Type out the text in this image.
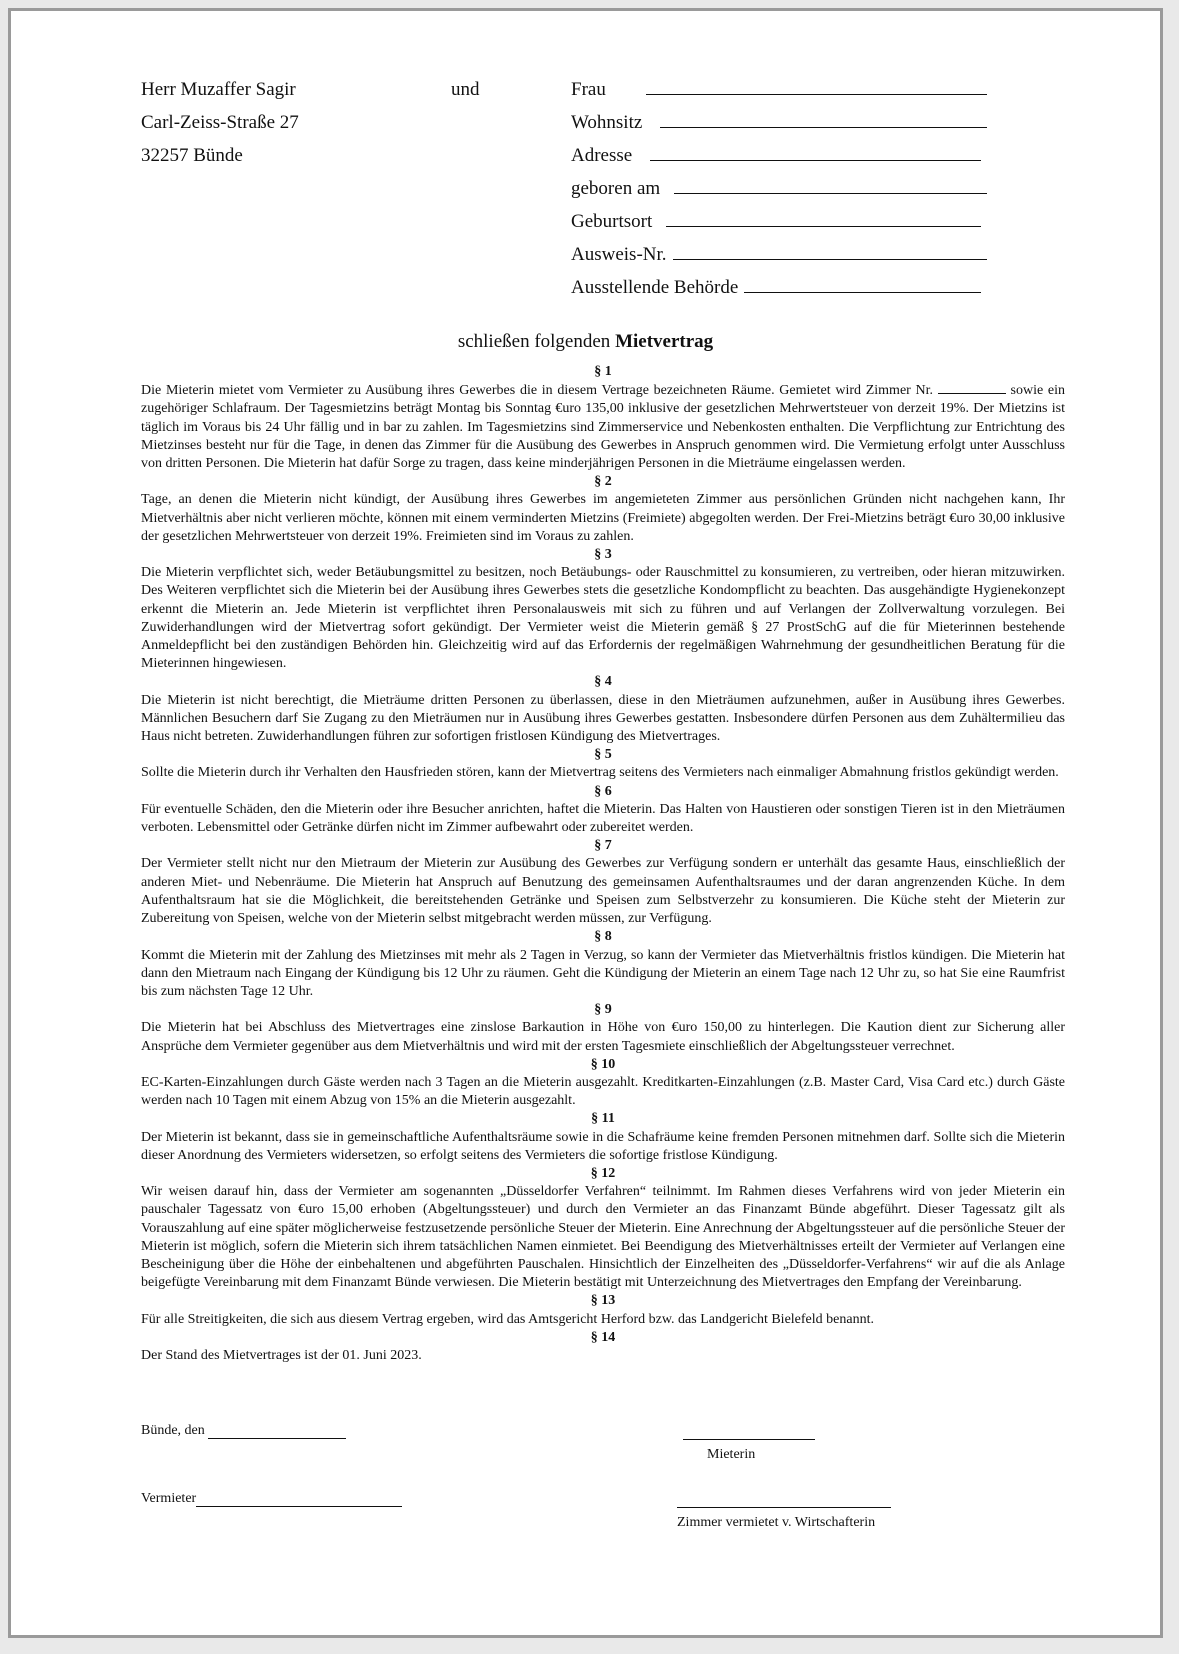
Herr Muzaffer Sagir
Carl-Zeiss-Straße 27
32257 Bünde
und	Frau
Wohnsitz
Adresse
geboren am
Geburtsort
Ausweis-Nr.
Ausstellende Behörde
schließen folgenden Mietvertrag
§ 1

Die Mieterin mietet vom Vermieter zu Ausübung ihres Gewerbes die in diesem Vertrage bezeichneten Räume. Gemietet wird Zimmer Nr.	sowie ein zugehöriger Schlafraum. Der Tagesmietzins beträgt Montag bis Sonntag €uro 135,00 inklusive der gesetzlichen Mehrwertsteuer von derzeit 19%. Der Mietzins ist täglich im Voraus bis 24 Uhr fällig und in bar zu zahlen. Im Tagesmietzins sind Zimmerservice und Nebenkosten enthalten. Die Verpflichtung zur Entrichtung des Mietzinses besteht nur für die Tage, in denen das Zimmer für die Ausübung des Gewerbes in Anspruch genommen wird. Die Vermietung erfolgt unter Ausschluss von dritten Personen. Die Mieterin hat dafür Sorge zu tragen, dass keine minderjährigen Personen in die Mieträume eingelassen werden.

§ 2

Tage, an denen die Mieterin nicht kündigt, der Ausübung ihres Gewerbes im angemieteten Zimmer aus persönlichen Gründen nicht nachgehen kann, Ihr Mietverhältnis aber nicht verlieren möchte, können mit einem verminderten Mietzins (Freimiete) abgegolten werden. Der Frei-Mietzins beträgt €uro 30,00 inklusive der gesetzlichen Mehrwertsteuer von derzeit 19%. Freimieten sind im Voraus zu zahlen.

§ 3

Die Mieterin verpflichtet sich, weder Betäubungsmittel zu besitzen, noch Betäubungs- oder Rauschmittel zu konsumieren, zu vertreiben, oder hieran mitzuwirken. Des Weiteren verpflichtet sich die Mieterin bei der Ausübung ihres Gewerbes stets die gesetzliche Kondompflicht zu beachten. Das ausgehändigte Hygienekonzept erkennt die Mieterin an. Jede Mieterin ist verpflichtet ihren Personalausweis mit sich zu führen und auf Verlangen der Zollverwaltung vorzulegen. Bei Zuwiderhandlungen wird der Mietvertrag sofort gekündigt. Der Vermieter weist die Mieterin gemäß § 27 ProstSchG auf die für Mieterinnen bestehende Anmeldepflicht bei den zuständigen Behörden hin. Gleichzeitig wird auf das Erfordernis der regelmäßigen Wahrnehmung der gesundheitlichen Beratung für die Mieterinnen hingewiesen.

§ 4

Die Mieterin ist nicht berechtigt, die Mieträume dritten Personen zu überlassen, diese in den Mieträumen aufzunehmen, außer in Ausübung ihres Gewerbes. Männlichen Besuchern darf Sie Zugang zu den Mieträumen nur in Ausübung ihres Gewerbes gestatten. Insbesondere dürfen Personen aus dem Zuhältermilieu das Haus nicht betreten. Zuwiderhandlungen führen zur sofortigen fristlosen Kündigung des Mietvertrages.

§ 5

Sollte die Mieterin durch ihr Verhalten den Hausfrieden stören, kann der Mietvertrag seitens des Vermieters nach einmaliger Abmahnung fristlos gekündigt werden.

§ 6

Für eventuelle Schäden, den die Mieterin oder ihre Besucher anrichten, haftet die Mieterin. Das Halten von Haustieren oder sonstigen Tieren ist in den Mieträumen verboten. Lebensmittel oder Getränke dürfen nicht im Zimmer aufbewahrt oder zubereitet werden.

§ 7

Der Vermieter stellt nicht nur den Mietraum der Mieterin zur Ausübung des Gewerbes zur Verfügung sondern er unterhält das gesamte Haus, einschließlich der anderen Miet- und Nebenräume. Die Mieterin hat Anspruch auf Benutzung des gemeinsamen Aufenthaltsraumes und der daran angrenzenden Küche. In dem Aufenthaltsraum hat sie die Möglichkeit, die bereitstehenden Getränke und Speisen zum Selbstverzehr zu konsumieren. Die Küche steht der Mieterin zur Zubereitung von Speisen, welche von der Mieterin selbst mitgebracht werden müssen, zur Verfügung.

§ 8

Kommt die Mieterin mit der Zahlung des Mietzinses mit mehr als 2 Tagen in Verzug, so kann der Vermieter das Mietverhältnis fristlos kündigen. Die Mieterin hat dann den Mietraum nach Eingang der Kündigung bis 12 Uhr zu räumen. Geht die Kündigung der Mieterin an einem Tage nach 12 Uhr zu, so hat Sie eine Raumfrist bis zum nächsten Tage 12 Uhr.

§ 9

Die Mieterin hat bei Abschluss des Mietvertrages eine zinslose Barkaution in Höhe von €uro 150,00 zu hinterlegen. Die Kaution dient zur Sicherung aller Ansprüche dem Vermieter gegenüber aus dem Mietverhältnis und wird mit der ersten Tagesmiete einschließlich der Abgeltungssteuer verrechnet.

§ 10

EC-Karten-Einzahlungen durch Gäste werden nach 3 Tagen an die Mieterin ausgezahlt. Kreditkarten-Einzahlungen (z.B. Master Card, Visa Card etc.) durch Gäste werden nach 10 Tagen mit einem Abzug von 15% an die Mieterin ausgezahlt.

§ 11

Der Mieterin ist bekannt, dass sie in gemeinschaftliche Aufenthaltsräume sowie in die Schafräume keine fremden Personen mitnehmen darf. Sollte sich die Mieterin dieser Anordnung des Vermieters widersetzen, so erfolgt seitens des Vermieters die sofortige fristlose Kündigung.

§ 12

Wir weisen darauf hin, dass der Vermieter am sogenannten „Düsseldorfer Verfahren“ teilnimmt. Im Rahmen dieses Verfahrens wird von jeder Mieterin ein pauschaler Tagessatz von €uro 15,00 erhoben (Abgeltungssteuer) und durch den Vermieter an das Finanzamt Bünde abgeführt. Dieser Tagessatz gilt als Vorauszahlung auf eine später möglicherweise festzusetzende persönliche Steuer der Mieterin. Eine Anrechnung der Abgeltungssteuer auf die persönliche Steuer der Mieterin ist möglich, sofern die Mieterin sich ihrem tatsächlichen Namen einmietet. Bei Beendigung des Mietverhältnisses erteilt der Vermieter auf Verlangen eine Bescheinigung über die Höhe der einbehaltenen und abgeführten Pauschalen. Hinsichtlich der Einzelheiten des „Düsseldorfer-Verfahrens“ wir auf die als Anlage beigefügte Vereinbarung mit dem Finanzamt Bünde verwiesen. Die Mieterin bestätigt mit Unterzeichnung des Mietvertrages den Empfang der Vereinbarung.

§ 13

Für alle Streitigkeiten, die sich aus diesem Vertrag ergeben, wird das Amtsgericht Herford bzw. das Landgericht Bielefeld benannt.

§ 14

Der Stand des Mietvertrages ist der 01. Juni 2023.

Bünde, den
Mieterin
Vermieter
Zimmer vermietet v. Wirtschafterin
